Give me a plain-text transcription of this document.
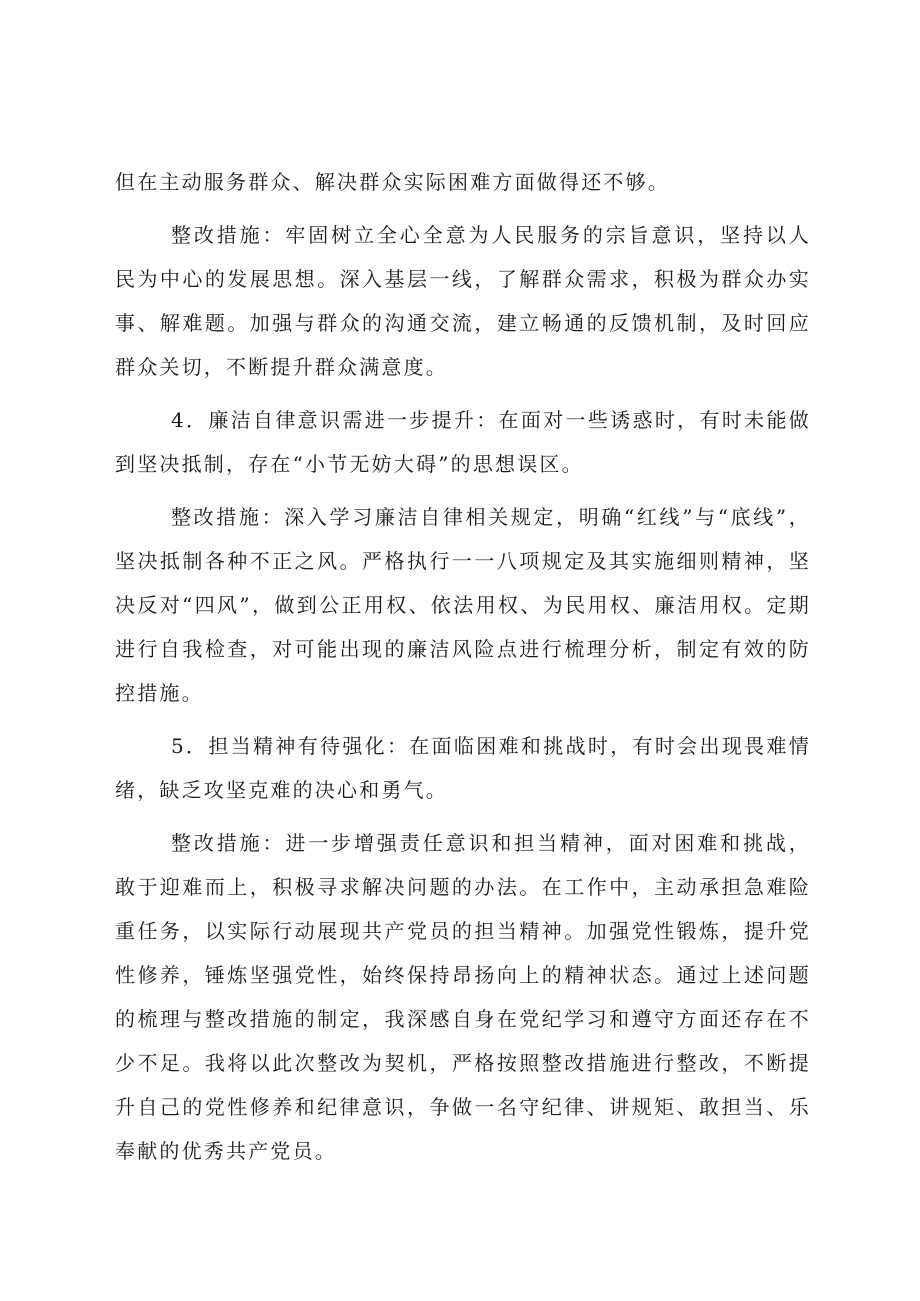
但在主动服务群众、解决群众实际困难方面做得还不够。

整改措施：牢固树立全心全意为人民服务的宗旨意识，坚持以人民为中心的发展思想。深入基层一线，了解群众需求，积极为群众办实事、解难题。加强与群众的沟通交流，建立畅通的反馈机制，及时回应群众关切，不断提升群众满意度。

4．廉洁自律意识需进一步提升：在面对一些诱惑时，有时未能做到坚决抵制，存在“小节无妨大碍”的思想误区。

整改措施：深入学习廉洁自律相关规定，明确“红线”与“底线”，坚决抵制各种不正之风。严格执行一一八项规定及其实施细则精神，坚决反对“四风”，做到公正用权、依法用权、为民用权、廉洁用权。定期进行自我检查，对可能出现的廉洁风险点进行梳理分析，制定有效的防控措施。

5．担当精神有待强化：在面临困难和挑战时，有时会出现畏难情绪，缺乏攻坚克难的决心和勇气。

整改措施：进一步增强责任意识和担当精神，面对困难和挑战，敢于迎难而上，积极寻求解决问题的办法。在工作中，主动承担急难险重任务，以实际行动展现共产党员的担当精神。加强党性锻炼，提升党性修养，锤炼坚强党性，始终保持昂扬向上的精神状态。通过上述问题的梳理与整改措施的制定，我深感自身在党纪学习和遵守方面还存在不少不足。我将以此次整改为契机，严格按照整改措施进行整改，不断提升自己的党性修养和纪律意识，争做一名守纪律、讲规矩、敢担当、乐奉献的优秀共产党员。
